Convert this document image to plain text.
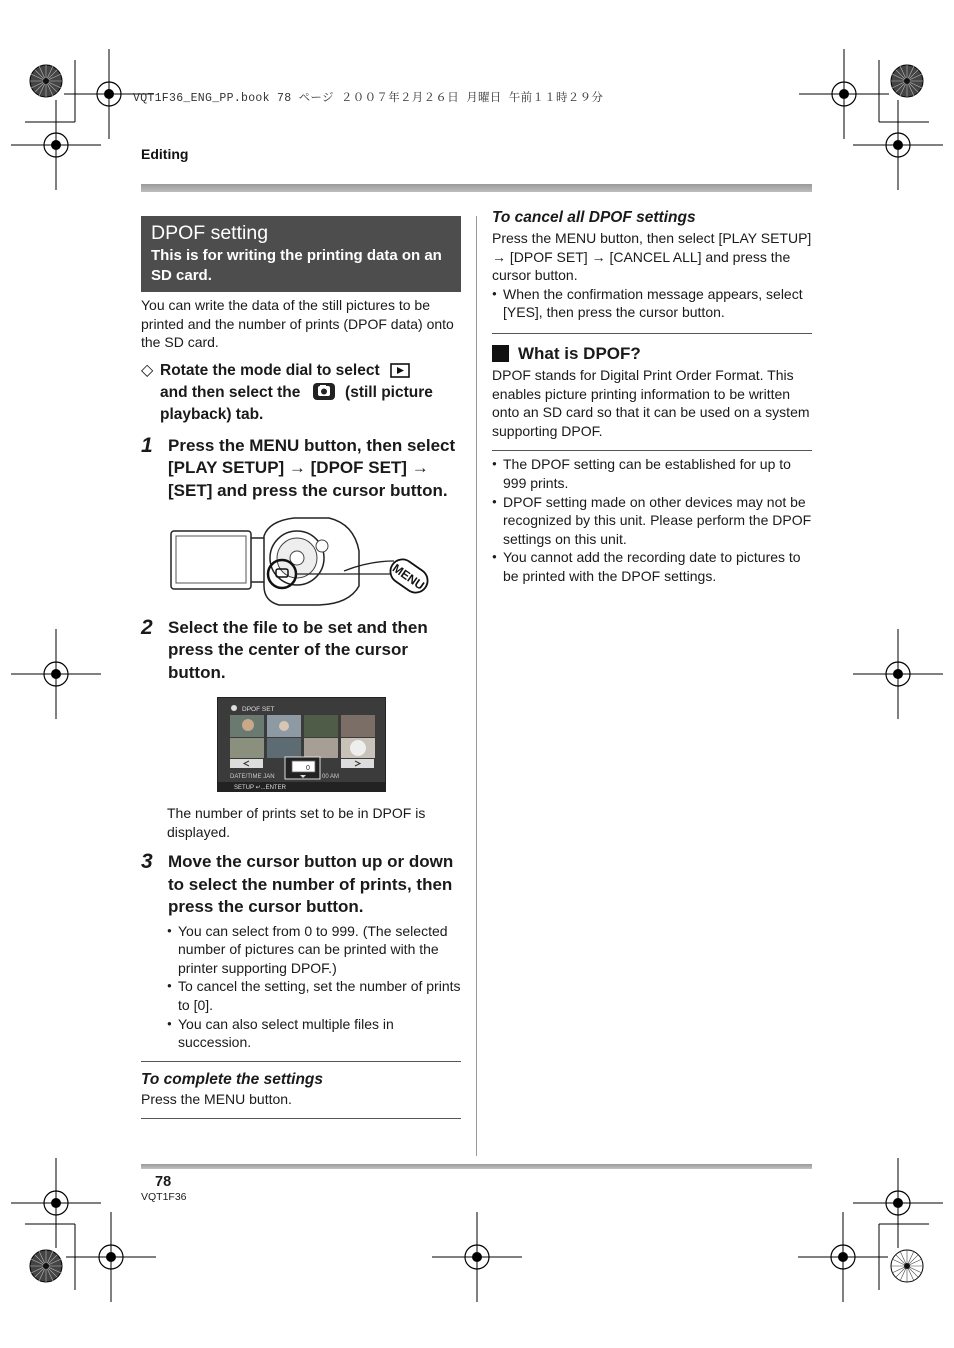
VQT1F36_ENG_PP.book 78 ページ ２００７年２月２６日 月曜日 午前１１時２９分
Editing
DPOF setting

This is for writing the printing data on an SD card.

You can write the data of the still pictures to be printed and the number of prints (DPOF data) onto the SD card.

◇ Rotate the mode dial to select
and then select the	(still picture playback) tab.
1 Press the MENU button, then select [PLAY SETUP] → [DPOF SET] → [SET] and press the cursor button.
MENU
2 Select the file to be set and then press the center of the cursor button.
DPOF SET
0
DATE/TIME JAN	00 AM
SETUP ↵...ENTER

The number of prints set to be in DPOF is displayed.

3 Move the cursor button up or down to select the number of prints, then press the cursor button.
● You can select from 0 to 999. (The selected number of pictures can be printed with the printer supporting DPOF.)
● To cancel the setting, set the number of prints to [0].
● You can also select multiple files in succession.
To complete the settings

Press the MENU button.

To cancel all DPOF settings

Press the MENU button, then select [PLAY SETUP] → [DPOF SET] → [CANCEL ALL] and press the cursor button.

● When the confirmation message appears, select [YES], then press the cursor button.
What is DPOF?

DPOF stands for Digital Print Order Format. This enables picture printing information to be written onto an SD card so that it can be used on a system supporting DPOF.

● The DPOF setting can be established for up to 999 prints.
● DPOF setting made on other devices may not be recognized by this unit. Please perform the DPOF settings on this unit.
● You cannot add the recording date to pictures to be printed with the DPOF settings.
78
VQT1F36
